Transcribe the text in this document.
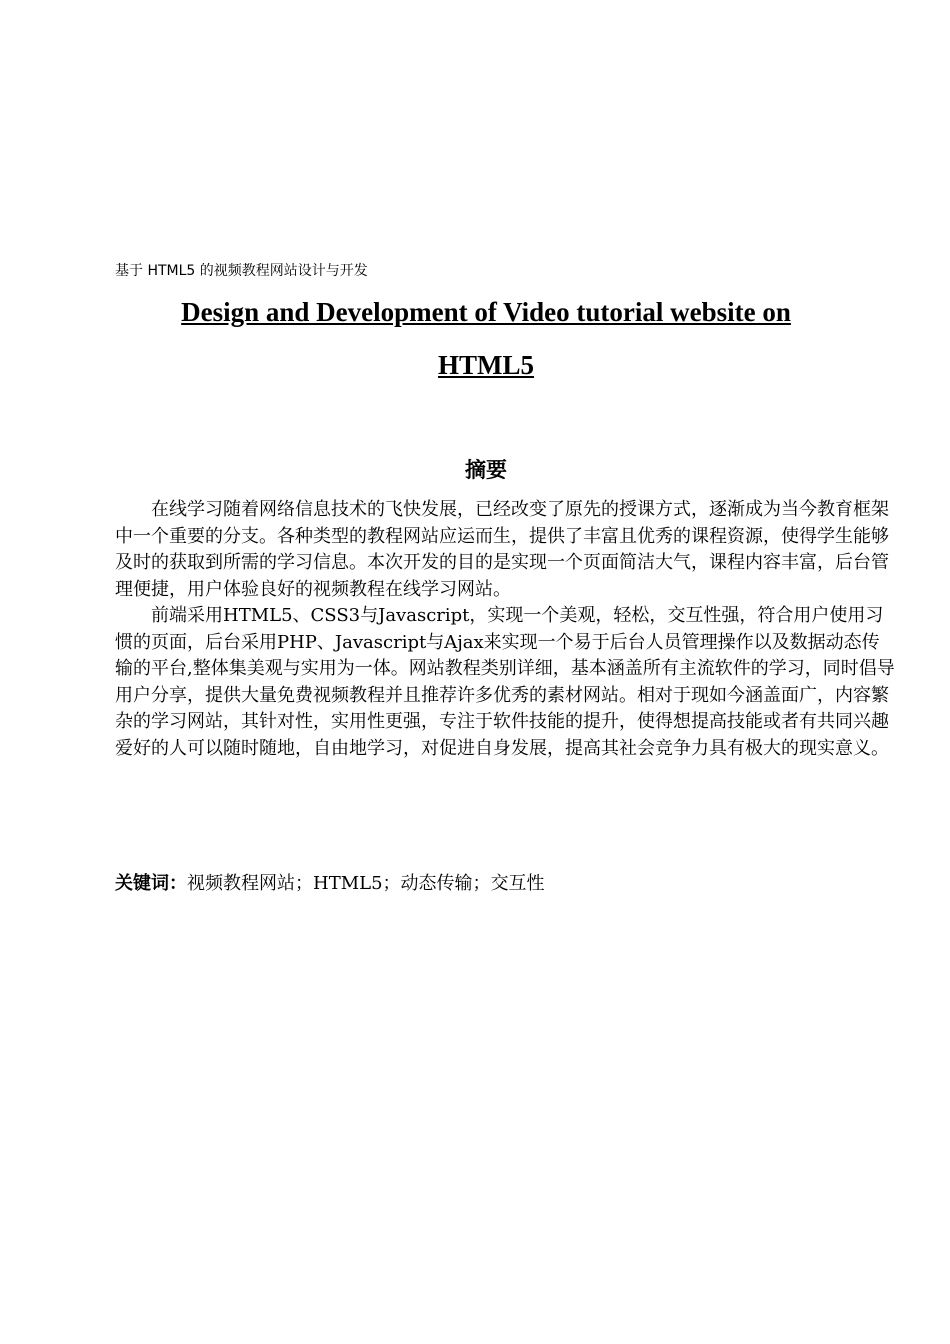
基于 HTML5 的视频教程网站设计与开发
Design and Development of Video tutorial website on
HTML5
摘要

在线学习随着网络信息技术的飞快发展，已经改变了原先的授课方式，逐渐成为当今教育框架中一个重要的分支。各种类型的教程网站应运而生，提供了丰富且优秀的课程资源，使得学生能够及时的获取到所需的学习信息。本次开发的目的是实现一个页面简洁大气，课程内容丰富，后台管理便捷，用户体验良好的视频教程在线学习网站。

前端采用HTML5、CSS3与Javascript，实现一个美观，轻松，交互性强，符合用户使用习惯的页面，后台采用PHP、Javascript与Ajax来实现一个易于后台人员管理操作以及数据动态传输的平台,整体集美观与实用为一体。网站教程类别详细，基本涵盖所有主流软件的学习，同时倡导用户分享，提供大量免费视频教程并且推荐许多优秀的素材网站。相对于现如今涵盖面广，内容繁杂的学习网站，其针对性，实用性更强，专注于软件技能的提升，使得想提高技能或者有共同兴趣爱好的人可以随时随地，自由地学习，对促进自身发展，提高其社会竞争力具有极大的现实意义。

关键词：视频教程网站；HTML5；动态传输；交互性
